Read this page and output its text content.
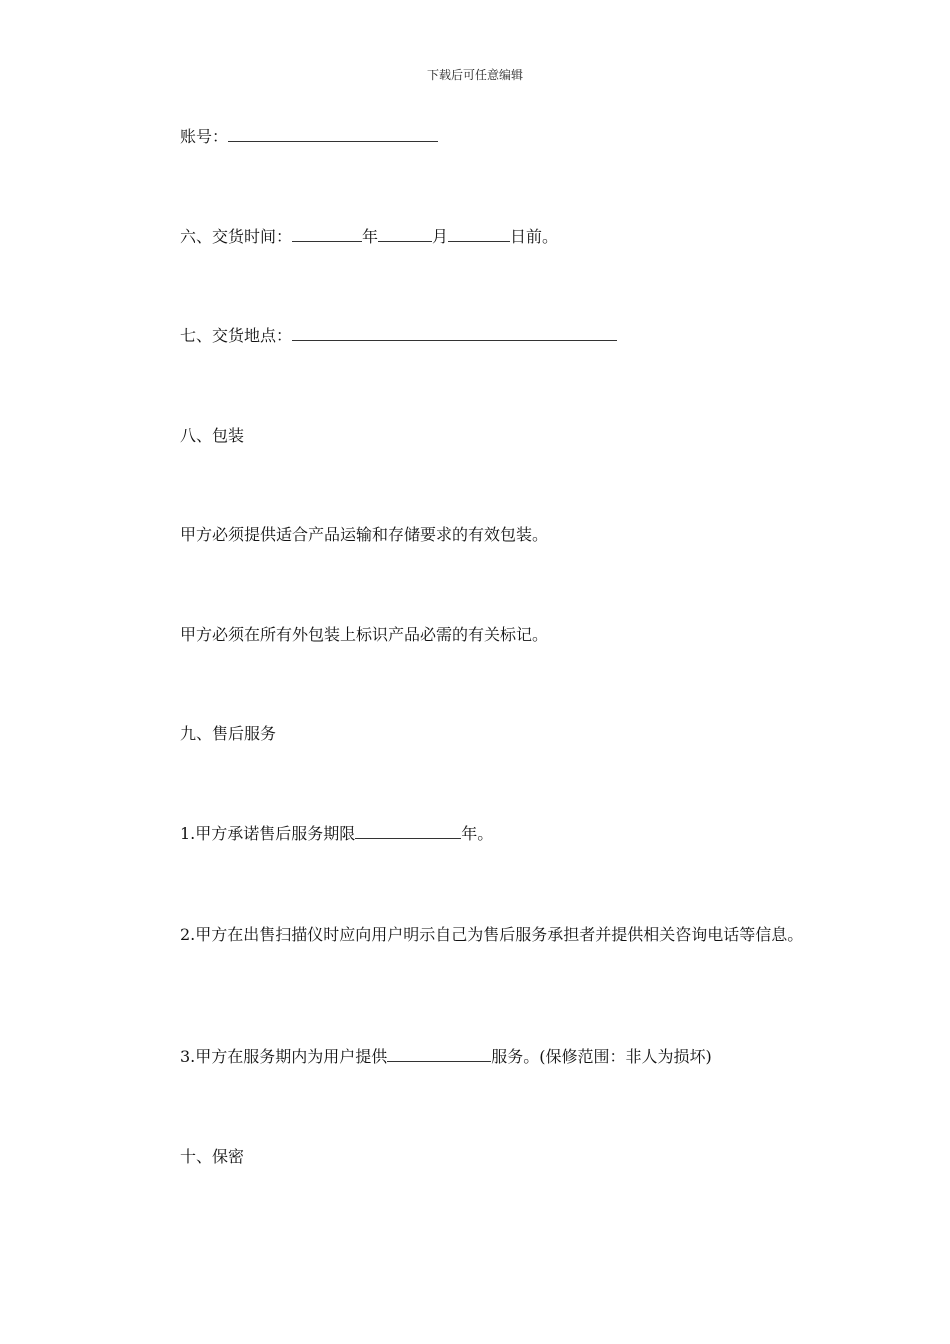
下载后可任意编辑
账号：
六、交货时间：	年	月	日前。
七、交货地点：
八、包装
甲方必须提供适合产品运输和存储要求的有效包装。
甲方必须在所有外包装上标识产品必需的有关标记。
九、售后服务
1.甲方承诺售后服务期限	年。
2.甲方在出售扫描仪时应向用户明示自己为售后服务承担者并提供相关咨询电话等信息。
3.甲方在服务期内为用户提供	服务。(保修范围：非人为损坏)
十、保密
